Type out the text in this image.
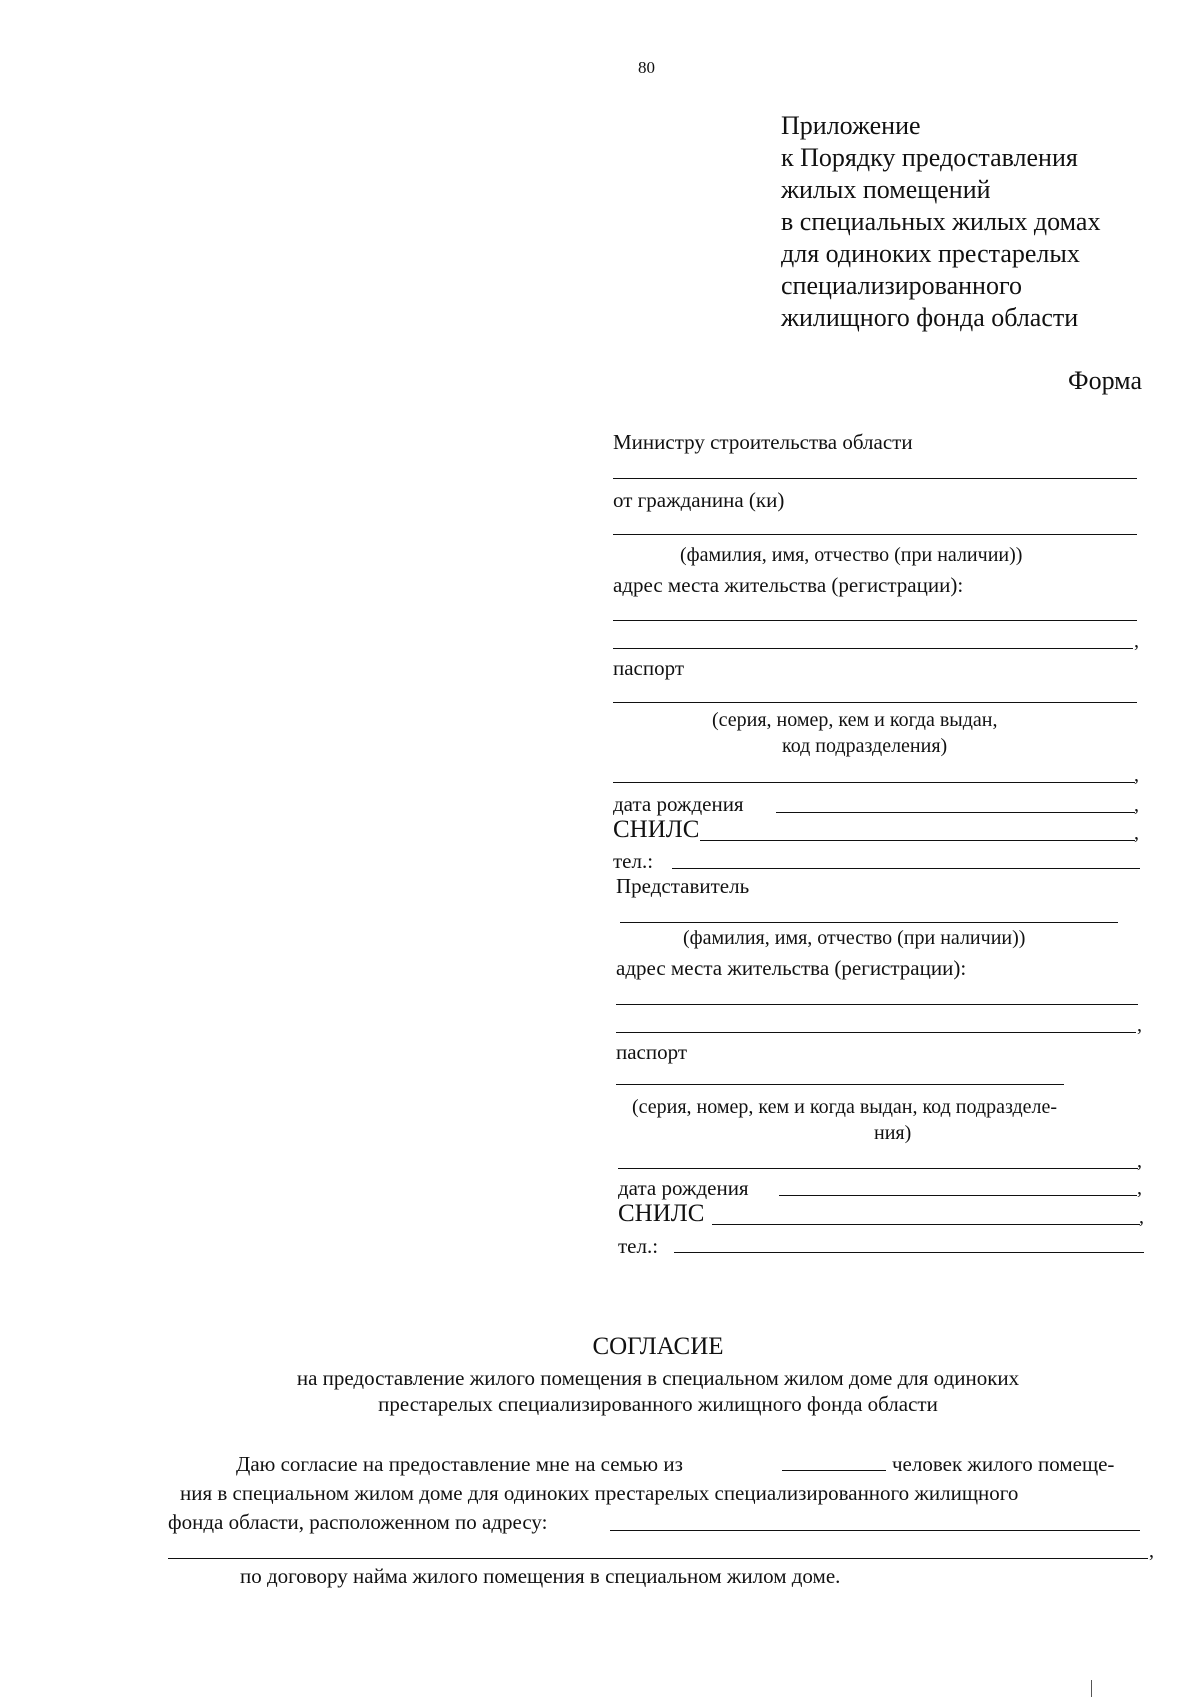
80
Приложение
к Порядку предоставления
жилых помещений
в специальных жилых домах
для одиноких престарелых
специализированного
жилищного фонда области
Форма
Министру строительства области
от гражданина (ки)
(фамилия, имя, отчество (при наличии))
адрес места жительства (регистрации):
,
паспорт
(серия, номер, кем и когда выдан,
код подразделения)
,
дата рождения	,
СНИЛС	,
тел.:
Представитель
(фамилия, имя, отчество (при наличии))
адрес места жительства (регистрации):
,
паспорт
(серия, номер, кем и когда выдан, код подразделе-
ния)
,
дата рождения	,
СНИЛС	,
тел.:
СОГЛАСИЕ
на предоставление жилого помещения в специальном жилом доме для одиноких
престарелых специализированного жилищного фонда области
Даю согласие на предоставление мне на семью из	человек жилого помеще-
ния в специальном жилом доме для одиноких престарелых специализированного жилищного
фонда области, расположенном по адресу:
,
по договору найма жилого помещения в специальном жилом доме.
